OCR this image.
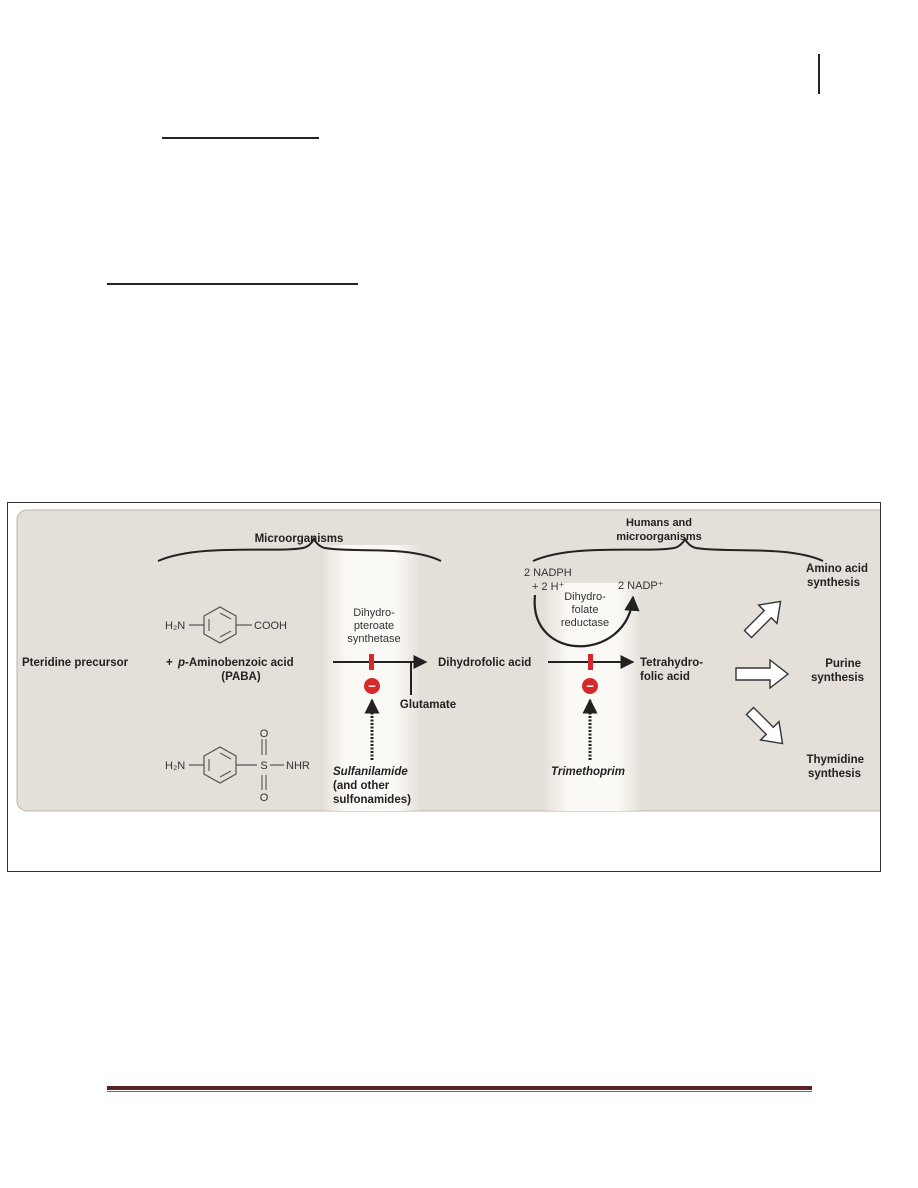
Microorganisms
Humans and
microorganisms
H₂N	COOH
Pteridine precursor	+ p-Aminobenzoic acid
(PABA)
Dihydro-
pteroate
synthetase
−
Glutamate
Dihydrofolic acid
H₂N	S NHR
O
O
Sulfanilamide
(and other
sulfonamides)
2 NADPH
+ 2 H⁺	2 NADP⁺
Dihydro-
folate
reductase
−
Trimethoprim
Tetrahydro-
folic acid
Amino acid
synthesis
Purine
synthesis
Thymidine
synthesis
